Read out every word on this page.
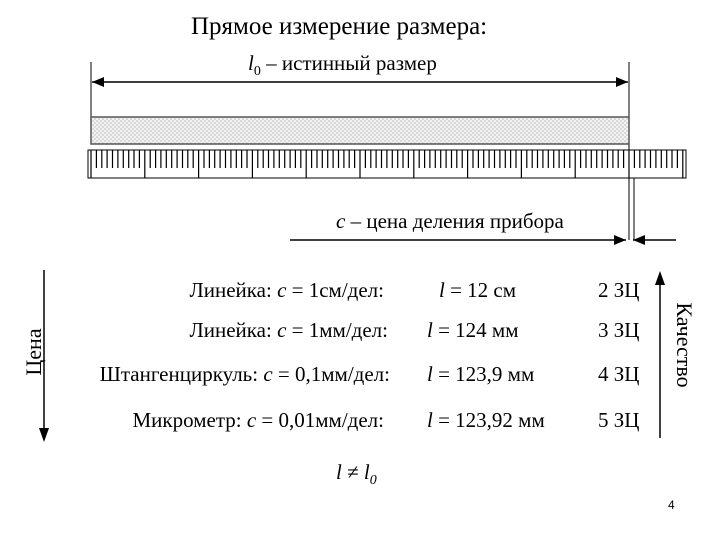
Прямое измерение размера:
$l_0$ – истинный размер
c – цена деления прибора
Цена	Качество
Линейка: c = 1см/дел:	l = 12 см	2 ЗЦ
Линейка: c = 1мм/дел: l = 124 мм	3 ЗЦ
Штангенциркуль: c = 0,1мм/дел: l = 123,9 мм	4 ЗЦ
Микрометр: c = 0,01мм/дел: l = 123,92 мм	5 ЗЦ
$l \ne l_0$
4
